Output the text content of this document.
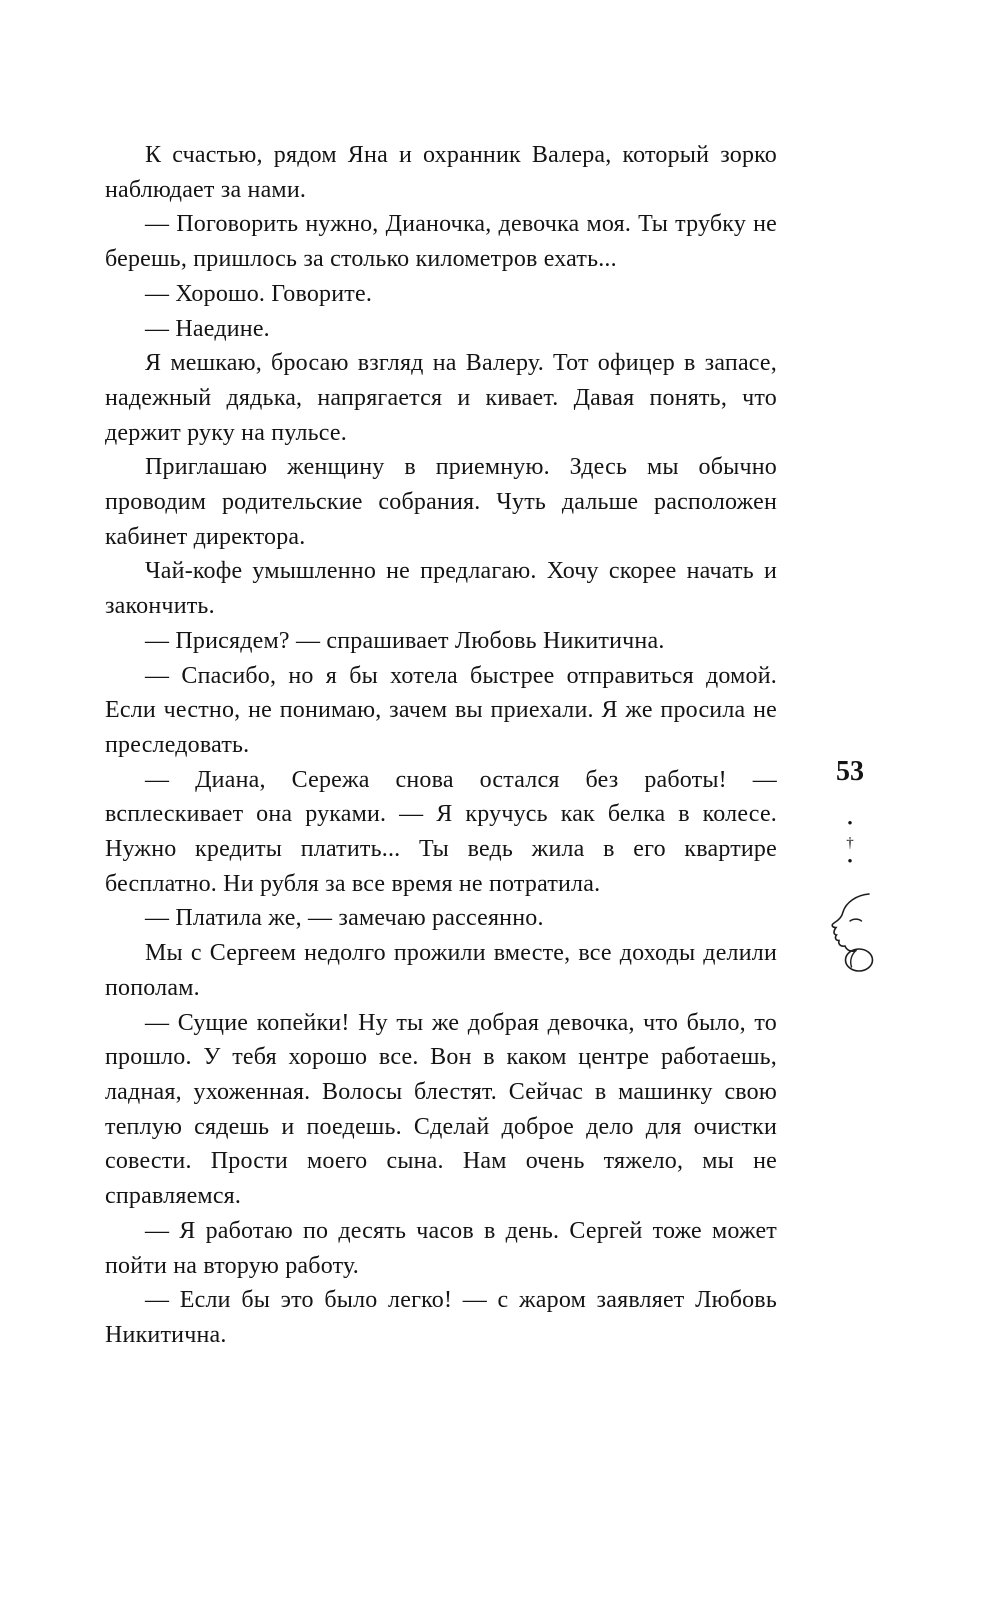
К счастью, рядом Яна и охранник Валера, который зорко наблюдает за нами.

— Поговорить нужно, Дианочка, девочка моя. Ты трубку не берешь, пришлось за столько километров ехать...

— Хорошо. Говорите.

— Наедине.

Я мешкаю, бросаю взгляд на Валеру. Тот офицер в запасе, надежный дядька, напрягается и кивает. Давая понять, что держит руку на пульсе.

Приглашаю женщину в приемную. Здесь мы обычно проводим родительские собрания. Чуть дальше расположен кабинет директора.

Чай-кофе умышленно не предлагаю. Хочу скорее начать и закончить.

— Присядем? — спрашивает Любовь Никитична.

— Спасибо, но я бы хотела быстрее отправиться домой. Если честно, не понимаю, зачем вы приехали. Я же просила не преследовать.

— Диана, Сережа снова остался без работы! — всплескивает она руками. — Я кручусь как белка в колесе. Нужно кредиты платить... Ты ведь жила в его квартире бесплатно. Ни рубля за все время не потратила.

— Платила же, — замечаю рассеянно.

Мы с Сергеем недолго прожили вместе, все доходы делили пополам.

— Сущие копейки! Ну ты же добрая девочка, что было, то прошло. У тебя хорошо все. Вон в каком центре работаешь, ладная, ухоженная. Волосы блестят. Сейчас в машинку свою теплую сядешь и поедешь. Сделай доброе дело для очистки совести. Прости моего сына. Нам очень тяжело, мы не справляемся.

— Я работаю по десять часов в день. Сергей тоже может пойти на вторую работу.

— Если бы это было легко! — с жаром заявляет Любовь Никитична.

53
•
†
•
